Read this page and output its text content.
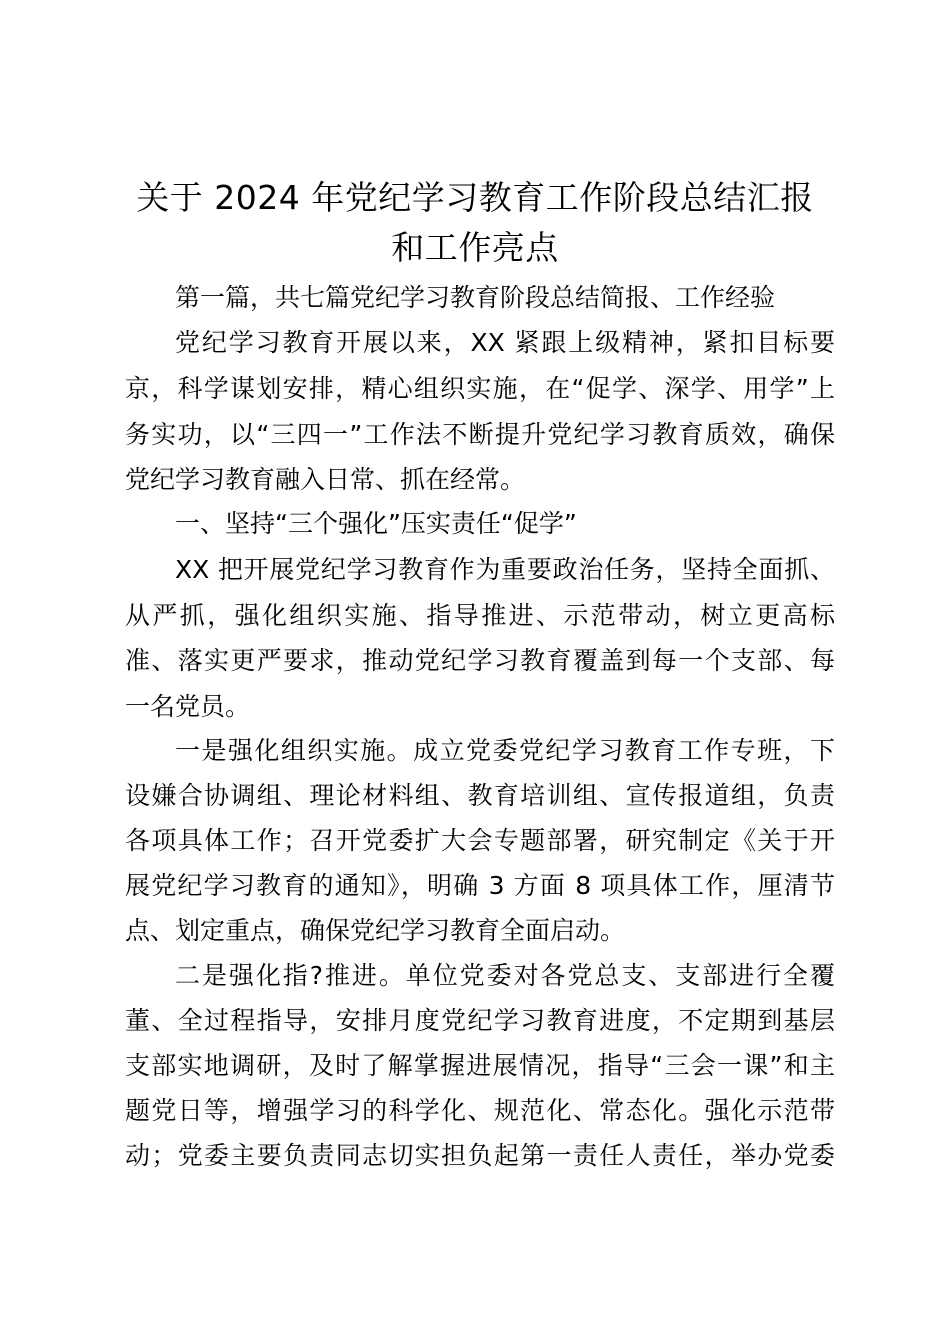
关于 2024 年党纪学习教育工作阶段总结汇报
和工作亮点
第一篇，共七篇党纪学习教育阶段总结简报、工作经验
党纪学习教育开展以来，XX 紧跟上级精神，紧扣目标要
京，科学谋划安排，精心组织实施，在“促学、深学、用学”上
务实功，以“三四一”工作法不断提升党纪学习教育质效，确保
党纪学习教育融入日常、抓在经常。
一、坚持“三个强化”压实责任“促学”
XX 把开展党纪学习教育作为重要政治任务，坚持全面抓、
从严抓，强化组织实施、指导推进、示范带动，树立更高标
准、落实更严要求，推动党纪学习教育覆盖到每一个支部、每
一名党员。
一是强化组织实施。成立党委党纪学习教育工作专班，下
设嫌合协调组、理论材料组、教育培训组、宣传报道组，负责
各项具体工作；召开党委扩大会专题部署，研究制定《关于开
展党纪学习教育的通知》，明确 3 方面 8 项具体工作，厘清节
点、划定重点，确保党纪学习教育全面启动。
二是强化指?推进。单位党委对各党总支、支部进行全覆
董、全过程指导，安排月度党纪学习教育进度，不定期到基层
支部实地调研，及时了解掌握进展情况，指导“三会一课”和主
题党日等，增强学习的科学化、规范化、常态化。强化示范带
动；党委主要负责同志切实担负起第一责任人责任，举办党委
